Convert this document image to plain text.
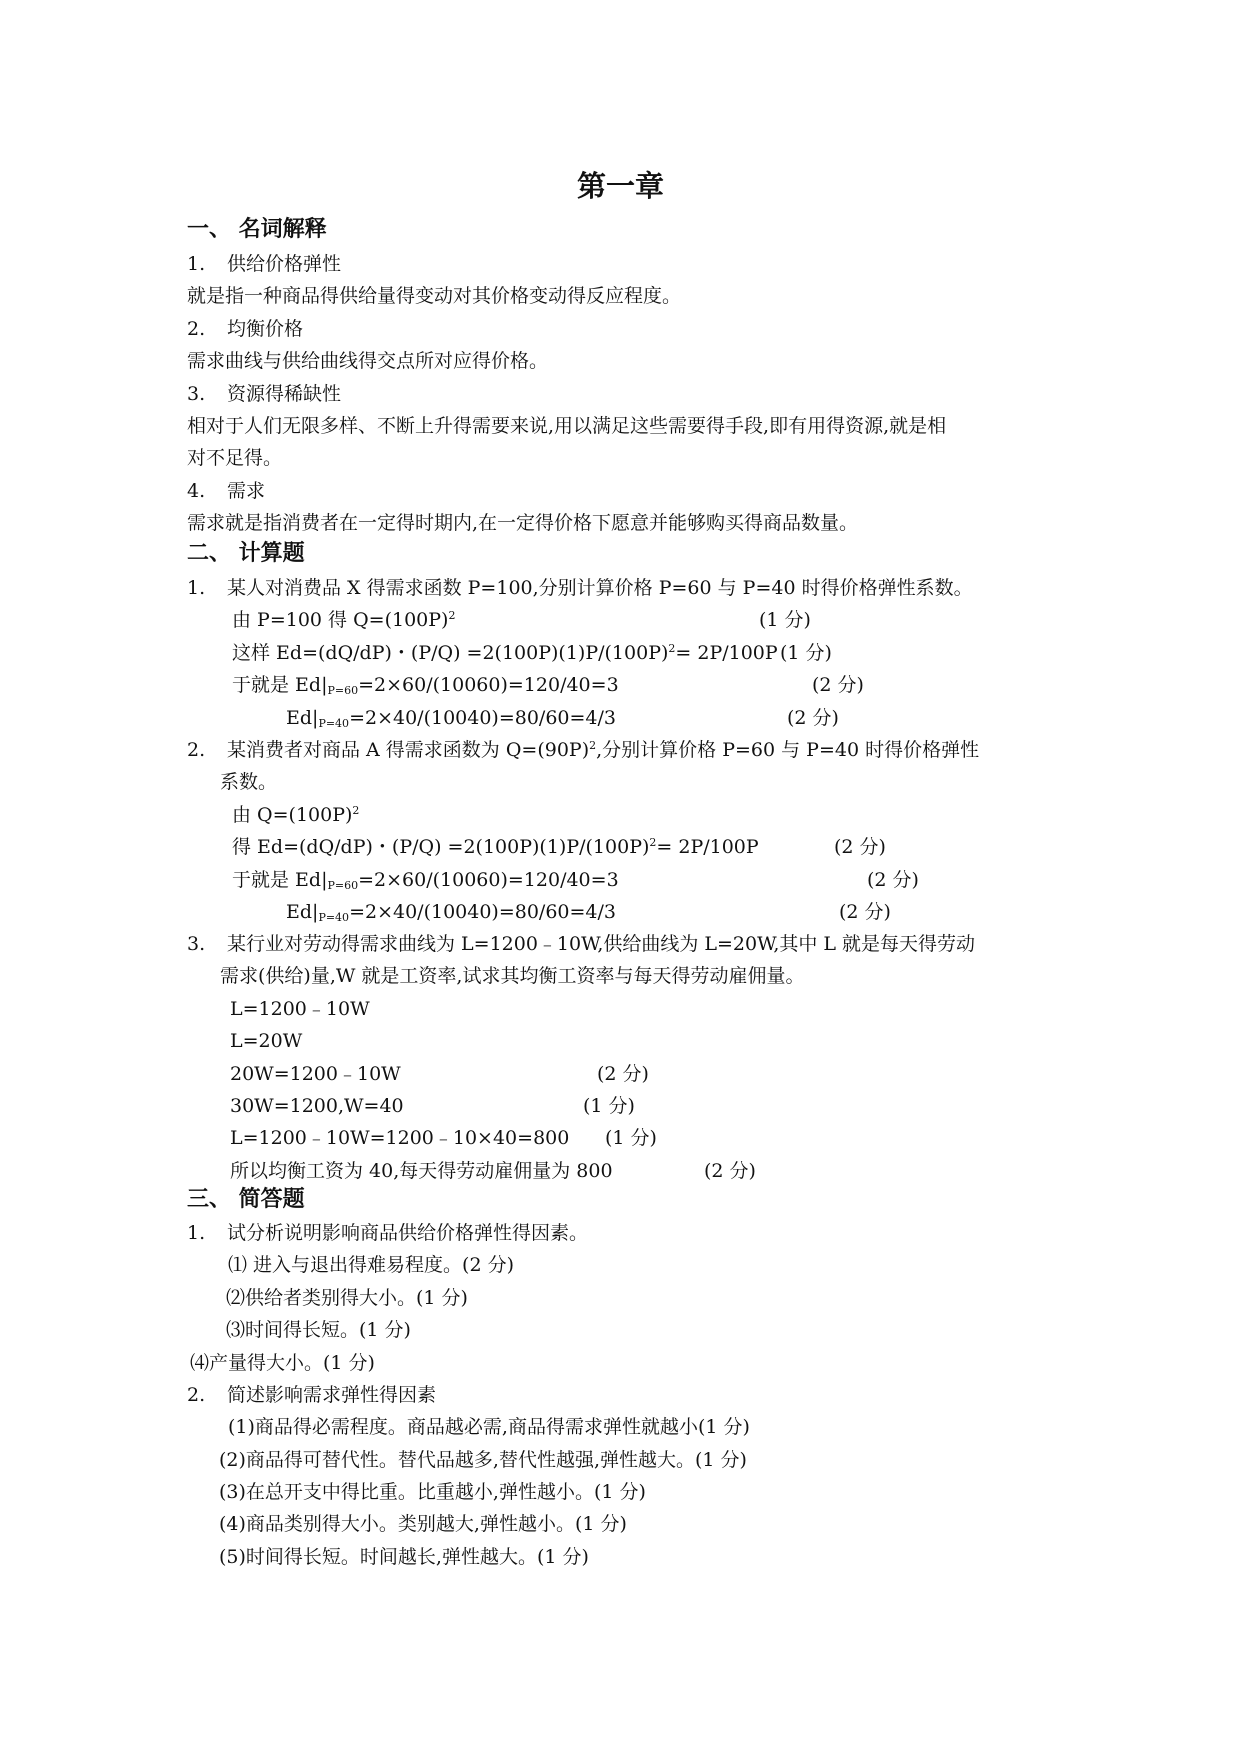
第一章
一、 名词解释
1. 供给价格弹性
就是指一种商品得供给量得变动对其价格变动得反应程度。
2. 均衡价格
需求曲线与供给曲线得交点所对应得价格。
3. 资源得稀缺性
相对于人们无限多样、不断上升得需要来说,用以满足这些需要得手段,即有用得资源,就是相
对不足得。
4. 需求
需求就是指消费者在一定得时期内,在一定得价格下愿意并能够购买得商品数量。
二、 计算题
1. 某人对消费品 X 得需求函数 P=100,分别计算价格 P=60 与 P=40 时得价格弹性系数。
由 P=100 得 $Q=(100P)^2$	(1 分)
这样 Ed=(dQ/dP)・$(P/Q) =2(100P)(1)P/(100P)^2= 2P/100P$ (1 分)
于就是 $Ed|_{P=60}=2\times 60/(10060)=120/40=3$	(2 分)
$Ed|_{P=40}=2\times 40/(10040)=80/60=4/3$	(2 分)
2. 某消费者对商品 A 得需求函数为 $Q=(90P)^2$,分别计算价格 P=60 与 P=40 时得价格弹性
系数。
由 $Q=(100P)^2$
得 Ed=(dQ/dP)・$(P/Q) =2(100P)(1)P/(100P)^2= 2P/100P$	(2 分)
于就是 $Ed|_{P=60}=2\times 60/(10060)=120/40=3$	(2 分)
$Ed|_{P=40}=2\times 40/(10040)=80/60=4/3$	(2 分)
3. 某行业对劳动得需求曲线为 L=1200﹣10W,供给曲线为 L=20W,其中 L 就是每天得劳动
需求(供给)量,W 就是工资率,试求其均衡工资率与每天得劳动雇佣量。
L=1200﹣10W
L=20W
20W=1200﹣10W	(2 分)
30W=1200,W=40	(1 分)
L=1200﹣10W=1200﹣10×40=800 (1 分)
所以均衡工资为 40,每天得劳动雇佣量为 800	(2 分)
三、 简答题
1. 试分析说明影响商品供给价格弹性得因素。
⑴ 进入与退出得难易程度。(2 分)
⑵供给者类别得大小。(1 分)
⑶时间得长短。(1 分)
⑷产量得大小。(1 分)
2. 简述影响需求弹性得因素
(1)商品得必需程度。商品越必需,商品得需求弹性就越小(1 分)
(2)商品得可替代性。替代品越多,替代性越强,弹性越大。(1 分)
(3)在总开支中得比重。比重越小,弹性越小。(1 分)
(4)商品类别得大小。类别越大,弹性越小。(1 分)
(5)时间得长短。时间越长,弹性越大。(1 分)
